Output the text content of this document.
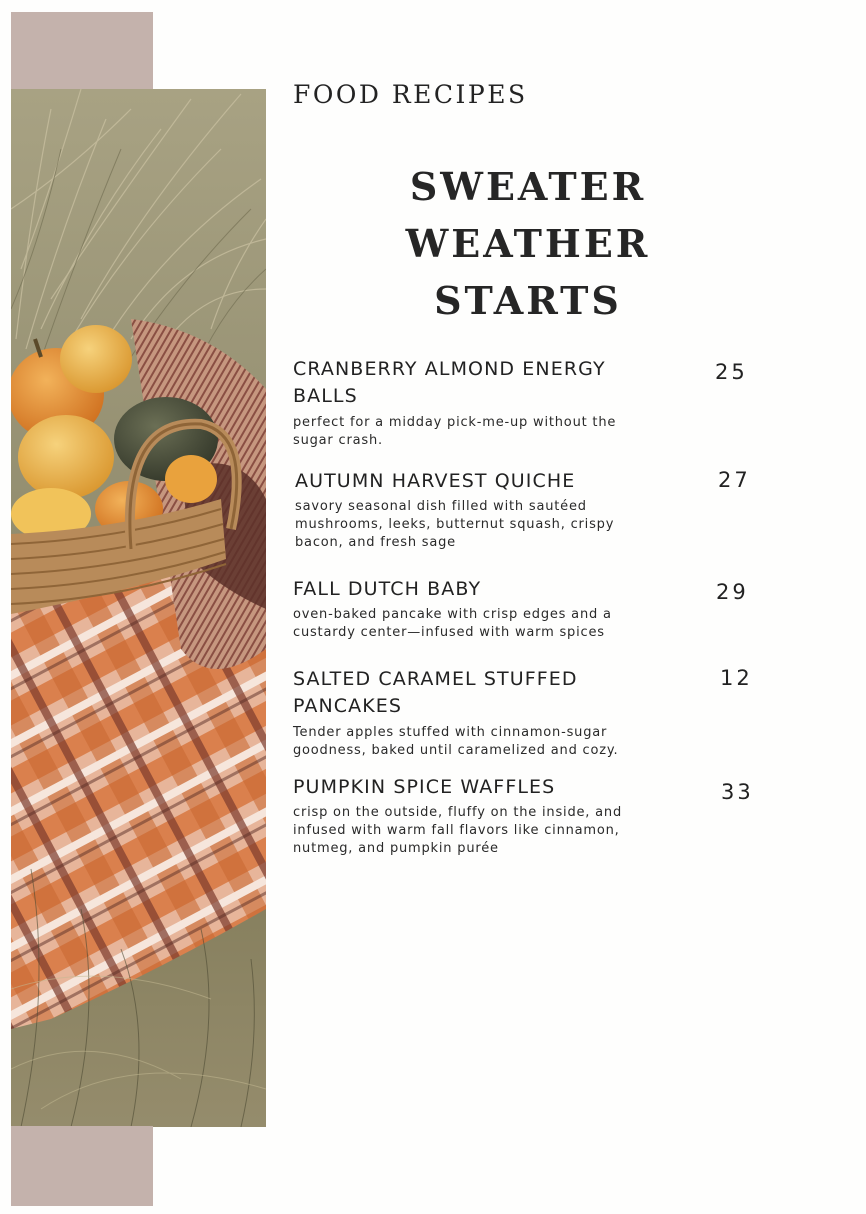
FOOD RECIPES
SWEATER WEATHER
STARTS
CRANBERRY ALMOND ENERGY BALLS
perfect for a midday pick-me-up without the sugar crash.
25
AUTUMN HARVEST QUICHE
savory seasonal dish filled with sautéed mushrooms, leeks, butternut squash, crispy bacon, and fresh sage
27
FALL DUTCH BABY
oven-baked pancake with crisp edges and a custardy center—infused with warm spices
29
SALTED CARAMEL STUFFED PANCAKES
Tender apples stuffed with cinnamon-sugar goodness, baked until caramelized and cozy.
12
PUMPKIN SPICE WAFFLES
crisp on the outside, fluffy on the inside, and infused with warm fall flavors like cinnamon, nutmeg, and pumpkin purée
33
